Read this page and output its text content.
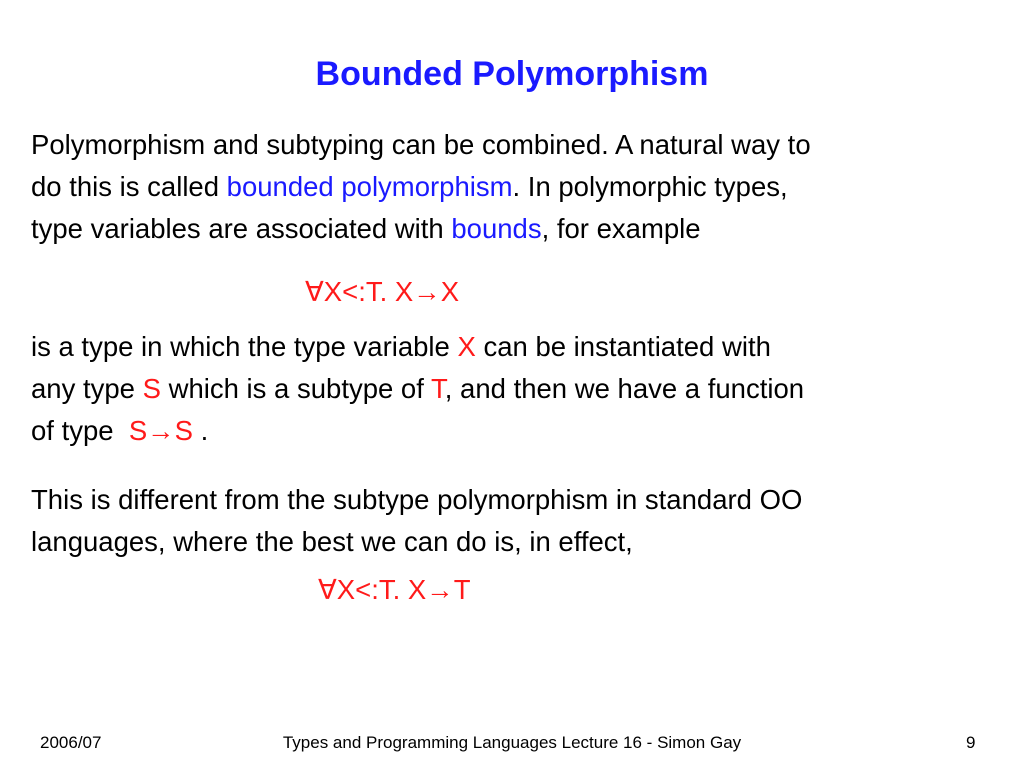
Bounded Polymorphism
Polymorphism and subtyping can be combined. A natural way to
do this is called bounded polymorphism. In polymorphic types,
type variables are associated with bounds, for example
∀X<:T. X→X
is a type in which the type variable X can be instantiated with
any type S which is a subtype of T, and then we have a function
of type  S→S .
This is different from the subtype polymorphism in standard OO
languages, where the best we can do is, in effect,
∀X<:T. X→T
2006/07	Types and Programming Languages Lecture 16 - Simon Gay	9
